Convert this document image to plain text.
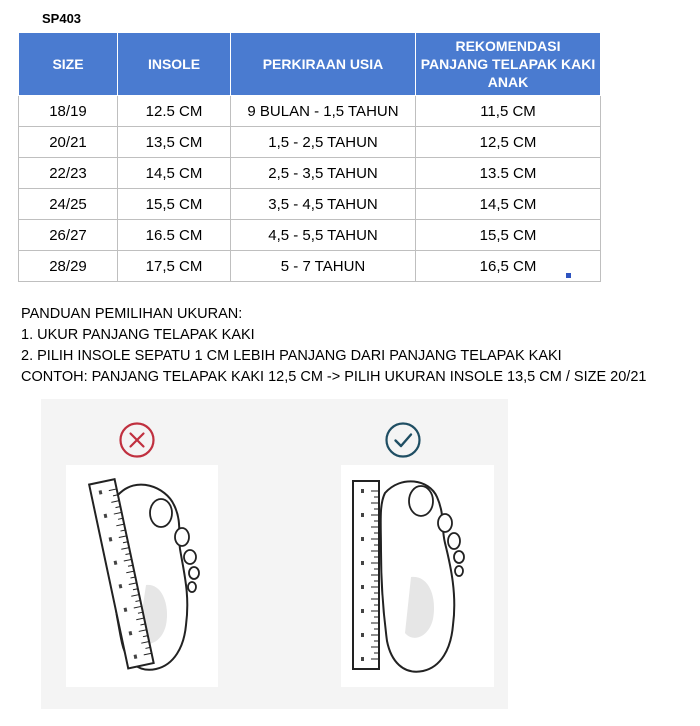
SP403
SIZE	INSOLE	PERKIRAAN USIA	REKOMENDASI PANJANG TELAPAK KAKI ANAK
18/19	12.5 CM	9 BULAN - 1,5 TAHUN	11,5 CM
20/21	13,5 CM	1,5 - 2,5 TAHUN	12,5 CM
22/23	14,5 CM	2,5 - 3,5 TAHUN	13.5 CM
24/25	15,5 CM	3,5 - 4,5 TAHUN	14,5 CM
26/27	16.5 CM	4,5 - 5,5 TAHUN	15,5 CM
28/29	17,5 CM	5 - 7 TAHUN	16,5 CM
PANDUAN PEMILIHAN UKURAN:
1. UKUR PANJANG TELAPAK KAKI
2. PILIH INSOLE SEPATU 1 CM LEBIH PANJANG DARI PANJANG TELAPAK KAKI
CONTOH: PANJANG TELAPAK KAKI 12,5 CM -> PILIH UKURAN INSOLE 13,5 CM / SIZE 20/21
